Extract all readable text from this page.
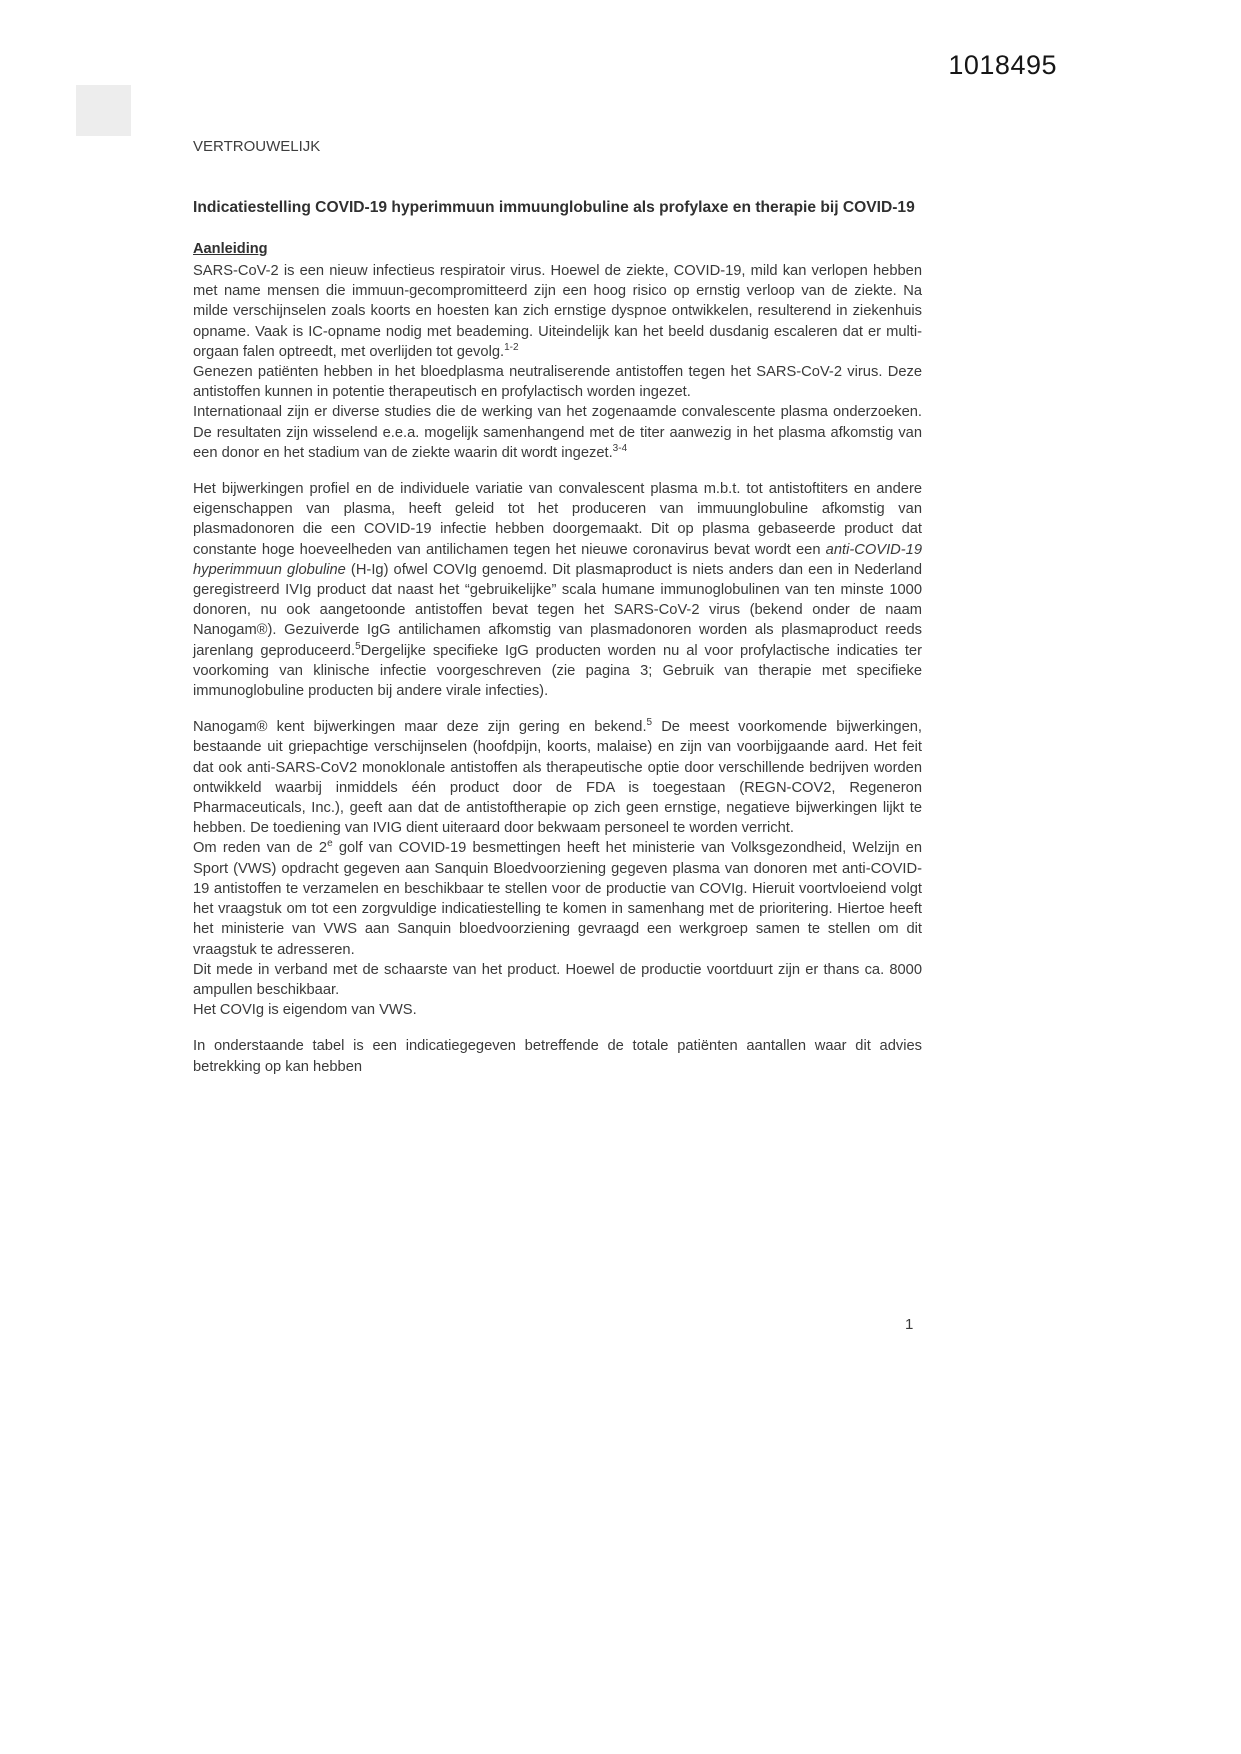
1018495
VERTROUWELIJK
Indicatiestelling COVID-19 hyperimmuun immuunglobuline als profylaxe en therapie bij COVID-19
Aanleiding

SARS-CoV-2 is een nieuw infectieus respiratoir virus. Hoewel de ziekte, COVID-19, mild kan verlopen hebben met name mensen die immuun-gecompromitteerd zijn een hoog risico op ernstig verloop van de ziekte. Na milde verschijnselen zoals koorts en hoesten kan zich ernstige dyspnoe ontwikkelen, resulterend in ziekenhuis opname. Vaak is IC-opname nodig met beademing. Uiteindelijk kan het beeld dusdanig escaleren dat er multi-orgaan falen optreedt, met overlijden tot gevolg.$^{1-2}$

Genezen patiënten hebben in het bloedplasma neutraliserende antistoffen tegen het SARS-CoV-2 virus. Deze antistoffen kunnen in potentie therapeutisch en profylactisch worden ingezet.

Internationaal zijn er diverse studies die de werking van het zogenaamde convalescente plasma onderzoeken. De resultaten zijn wisselend e.e.a. mogelijk samenhangend met de titer aanwezig in het plasma afkomstig van een donor en het stadium van de ziekte waarin dit wordt ingezet.$^{3-4}$

Het bijwerkingen profiel en de individuele variatie van convalescent plasma m.b.t. tot antistoftiters en andere eigenschappen van plasma, heeft geleid tot het produceren van immuunglobuline afkomstig van plasmadonoren die een COVID-19 infectie hebben doorgemaakt. Dit op plasma gebaseerde product dat constante hoge hoeveelheden van antilichamen tegen het nieuwe coronavirus bevat wordt een anti-COVID-19 hyperimmuun globuline (H-Ig) ofwel COVIg genoemd. Dit plasmaproduct is niets anders dan een in Nederland geregistreerd IVIg product dat naast het “gebruikelijke” scala humane immunoglobulinen van ten minste 1000 donoren, nu ook aangetoonde antistoffen bevat tegen het SARS-CoV-2 virus (bekend onder de naam Nanogam®). Gezuiverde IgG antilichamen afkomstig van plasmadonoren worden als plasmaproduct reeds jarenlang geproduceerd.$^5$Dergelijke specifieke IgG producten worden nu al voor profylactische indicaties ter voorkoming van klinische infectie voorgeschreven (zie pagina 3; Gebruik van therapie met specifieke immunoglobuline producten bij andere virale infecties).

Nanogam® kent bijwerkingen maar deze zijn gering en bekend.$^5$ De meest voorkomende bijwerkingen, bestaande uit griepachtige verschijnselen (hoofdpijn, koorts, malaise) en zijn van voorbijgaande aard. Het feit dat ook anti-SARS-CoV2 monoklonale antistoffen als therapeutische optie door verschillende bedrijven worden ontwikkeld waarbij inmiddels één product door de FDA is toegestaan (REGN-COV2, Regeneron Pharmaceuticals, Inc.), geeft aan dat de antistoftherapie op zich geen ernstige, negatieve bijwerkingen lijkt te hebben. De toediening van IVIG dient uiteraard door bekwaam personeel te worden verricht.

Om reden van de 2e golf van COVID-19 besmettingen heeft het ministerie van Volksgezondheid, Welzijn en Sport (VWS) opdracht gegeven aan Sanquin Bloedvoorziening gegeven plasma van donoren met anti-COVID-19 antistoffen te verzamelen en beschikbaar te stellen voor de productie van COVIg. Hieruit voortvloeiend volgt het vraagstuk om tot een zorgvuldige indicatiestelling te komen in samenhang met de prioritering. Hiertoe heeft het ministerie van VWS aan Sanquin bloedvoorziening gevraagd een werkgroep samen te stellen om dit vraagstuk te adresseren.

Dit mede in verband met de schaarste van het product. Hoewel de productie voortduurt zijn er thans ca. 8000 ampullen beschikbaar.

Het COVIg is eigendom van VWS.

In onderstaande tabel is een indicatiegegeven betreffende de totale patiënten aantallen waar dit advies betrekking op kan hebben

1
